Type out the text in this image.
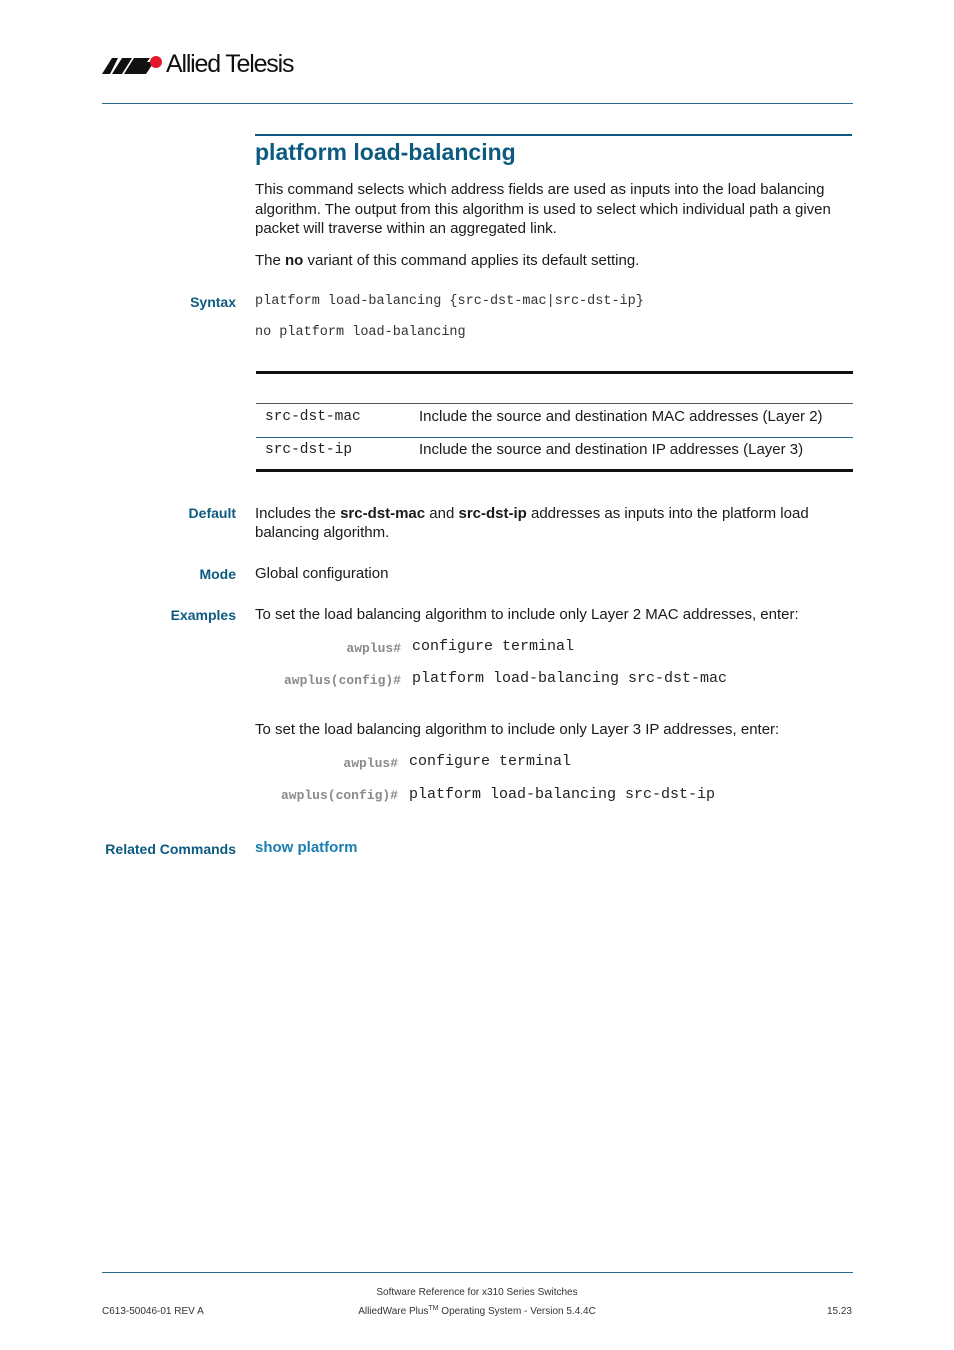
Allied Telesis
platform load-balancing
This command selects which address fields are used as inputs into the load balancing algorithm. The output from this algorithm is used to select which individual path a given packet will traverse within an aggregated link.
The no variant of this command applies its default setting.
Syntax platform load-balancing {src-dst-mac|src-dst-ip}
no platform load-balancing
src-dst-mac	Include the source and destination MAC addresses (Layer 2)
src-dst-ip	Include the source and destination IP addresses (Layer 3)
Default Includes the src-dst-mac and src-dst-ip addresses as inputs into the platform load
balancing algorithm.
Mode Global configuration
Examples To set the load balancing algorithm to include only Layer 2 MAC addresses, enter:
awplus# configure terminal
awplus(config)# platform load-balancing src-dst-mac
To set the load balancing algorithm to include only Layer 3 IP addresses, enter:
awplus# configure terminal
awplus(config)# platform load-balancing src-dst-ip
Related Commands show platform
Software Reference for x310 Series Switches
AlliedWare Plus™ Operating System - Version 5.4.4C
C613-50046-01 REV A	15.23
